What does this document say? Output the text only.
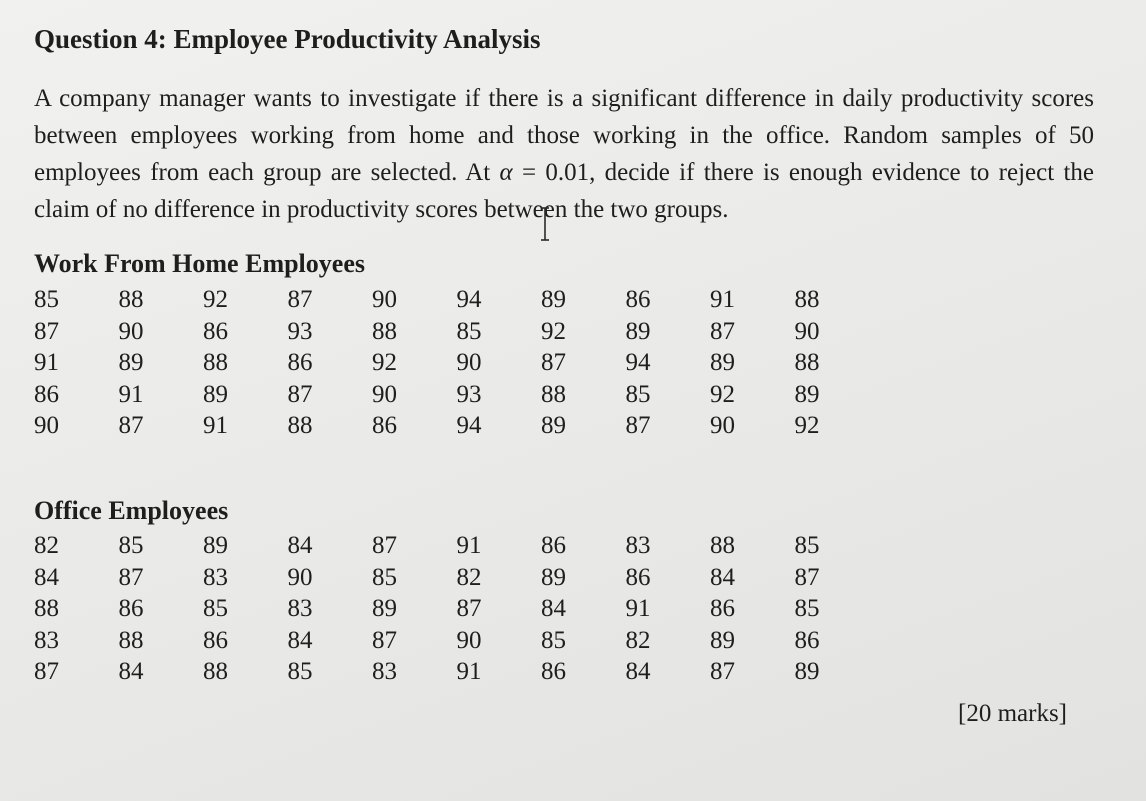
Question 4: Employee Productivity Analysis

A company manager wants to investigate if there is a significant difference in daily productivity scores between employees working from home and those working in the office. Random samples of 50 employees from each group are selected. At α = 0.01, decide if there is enough evidence to reject the claim of no difference in productivity scores between the two groups.

Work From Home Employees
85	88	92	87	90	94	89	86	91	88
87	90	86	93	88	85	92	89	87	90
91	89	88	86	92	90	87	94	89	88
86	91	89	87	90	93	88	85	92	89
90	87	91	88	86	94	89	87	90	92
Office Employees
82	85	89	84	87	91	86	83	88	85
84	87	83	90	85	82	89	86	84	87
88	86	85	83	89	87	84	91	86	85
83	88	86	84	87	90	85	82	89	86
87	84	88	85	83	91	86	84	87	89
[20 marks]
